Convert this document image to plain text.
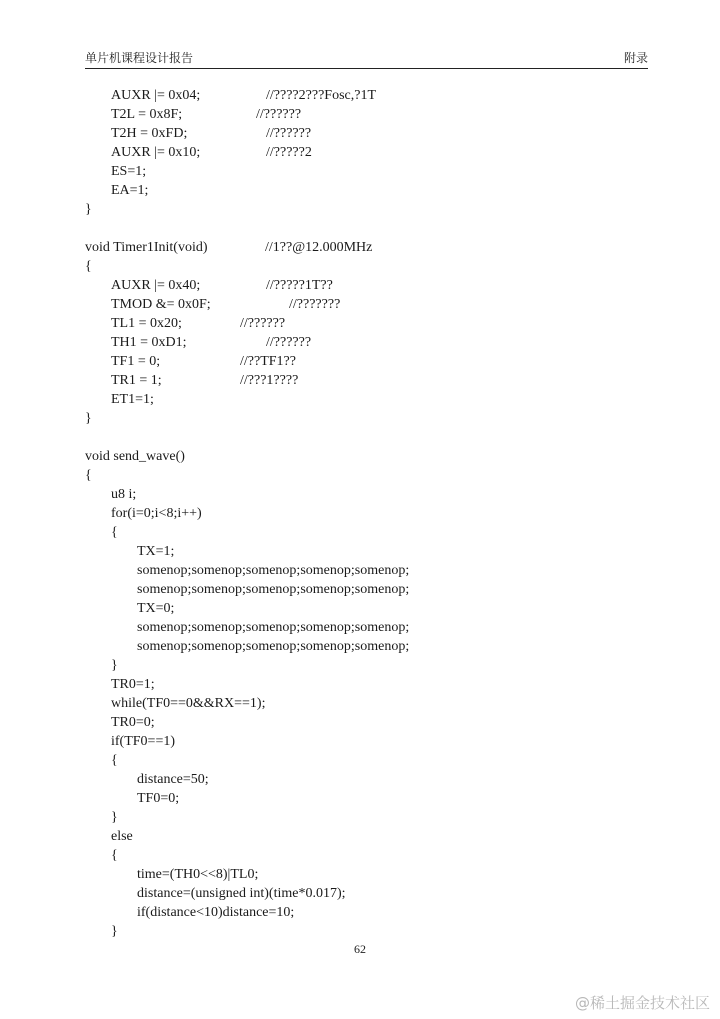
单片机课程设计报告	附录
AUXR |= 0x04;	//????2???Fosc,?1T
T2L = 0x8F;	//??????
T2H = 0xFD;	//??????
AUXR |= 0x10;	//?????2
ES=1;
EA=1;
}
void Timer1Init(void)	//1??@12.000MHz
{
AUXR |= 0x40;	//?????1T??
TMOD &= 0x0F;	//???????
TL1 = 0x20;	//??????
TH1 = 0xD1;	//??????
TF1 = 0;	//??TF1??
TR1 = 1;	//???1????
ET1=1;
}
void send_wave()
{
u8 i;
for(i=0;i<8;i++)
{
TX=1;
somenop;somenop;somenop;somenop;somenop;
somenop;somenop;somenop;somenop;somenop;
TX=0;
somenop;somenop;somenop;somenop;somenop;
somenop;somenop;somenop;somenop;somenop;
}
TR0=1;
while(TF0==0&&RX==1);
TR0=0;
if(TF0==1)
{
distance=50;
TF0=0;
}
else
{
time=(TH0<<8)|TL0;
distance=(unsigned int)(time*0.017);
if(distance<10)distance=10;
}
62
@稀土掘金技术社区
